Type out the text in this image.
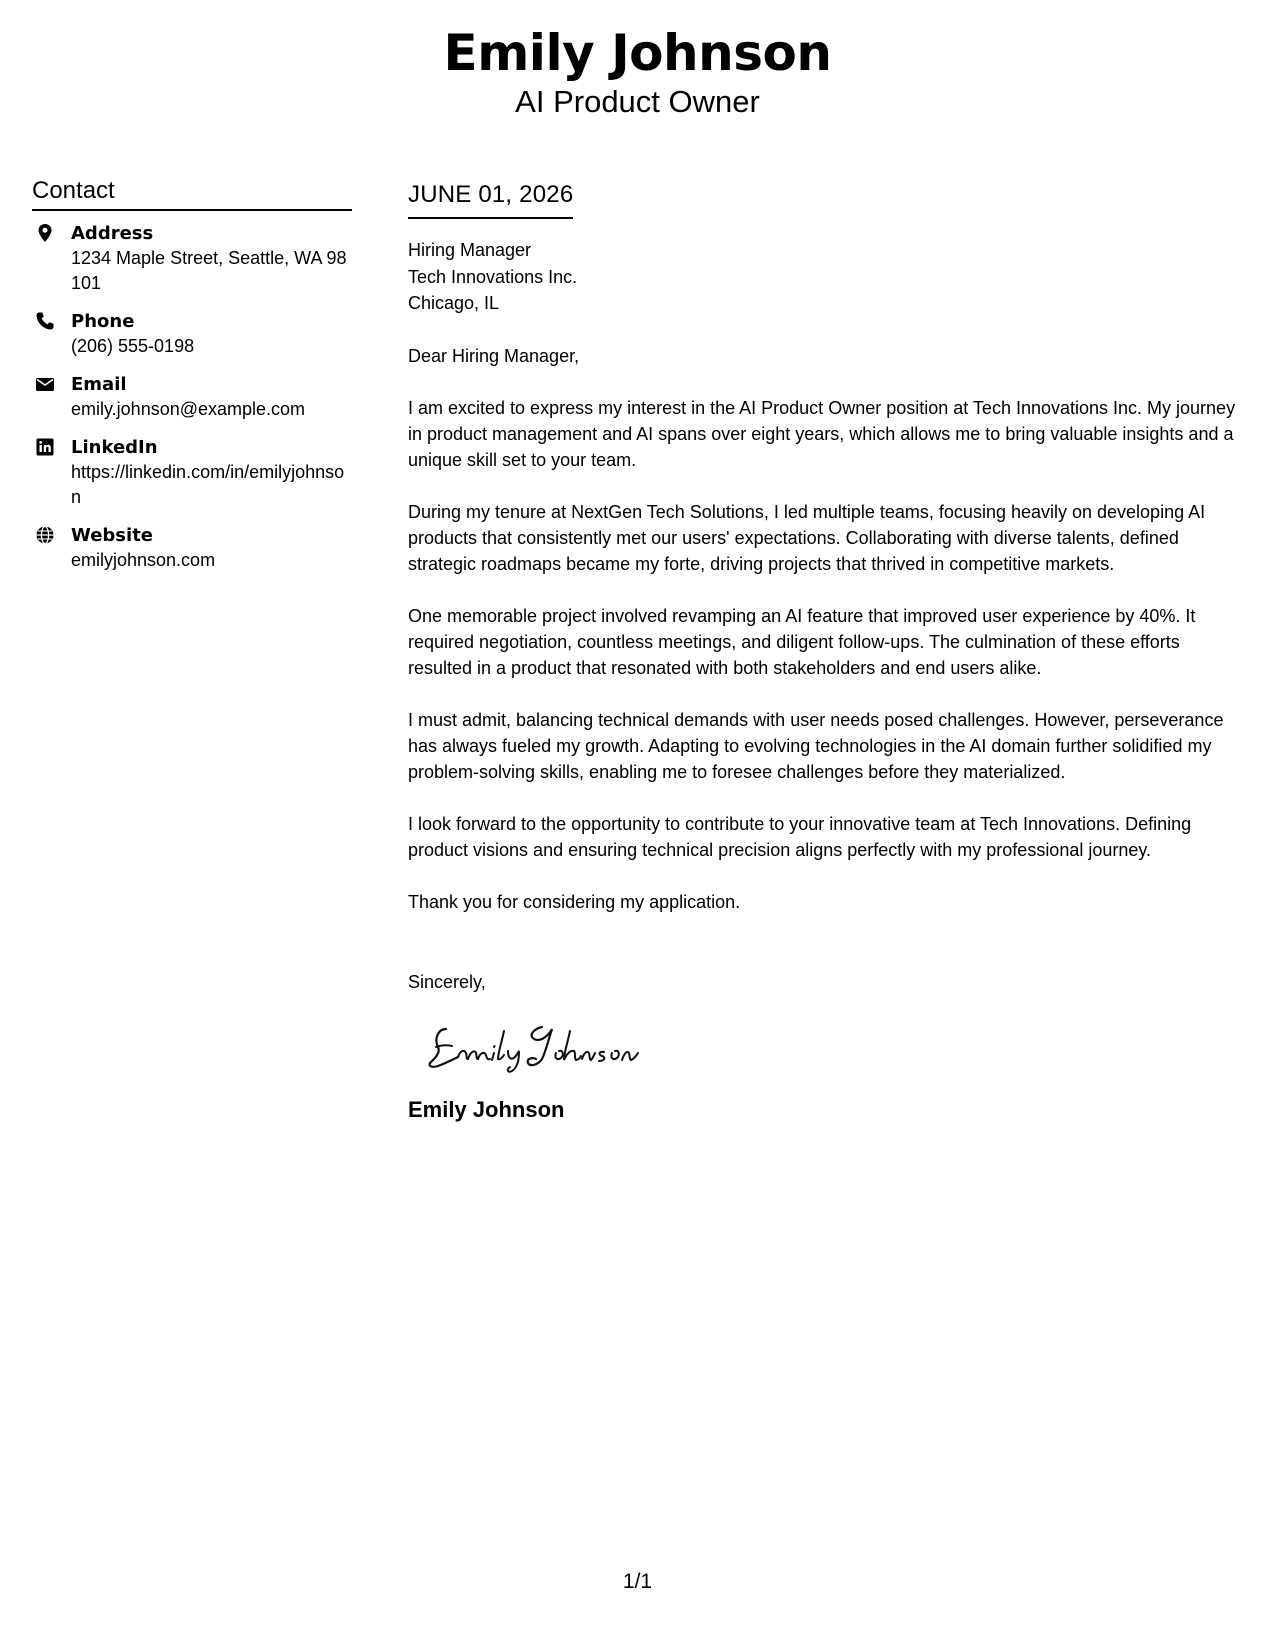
Emily Johnson
AI Product Owner
Contact
Address
1234 Maple Street, Seattle, WA 98101
Phone
(206) 555-0198
Email
emily.johnson@example.com
LinkedIn
https://linkedin.com/in/emilyjohnson
Website
emilyjohnson.com
JUNE 01, 2026
Hiring Manager
Tech Innovations Inc.
Chicago, IL
Dear Hiring Manager,
I am excited to express my interest in the AI Product Owner position at Tech Innovations Inc. My journey in product management and AI spans over eight years, which allows me to bring valuable insights and a unique skill set to your team.
During my tenure at NextGen Tech Solutions, I led multiple teams, focusing heavily on developing AI products that consistently met our users' expectations. Collaborating with diverse talents, defined strategic roadmaps became my forte, driving projects that thrived in competitive markets.
One memorable project involved revamping an AI feature that improved user experience by 40%. It required negotiation, countless meetings, and diligent follow-ups. The culmination of these efforts resulted in a product that resonated with both stakeholders and end users alike.
I must admit, balancing technical demands with user needs posed challenges. However, perseverance has always fueled my growth. Adapting to evolving technologies in the AI domain further solidified my problem-solving skills, enabling me to foresee challenges before they materialized.
I look forward to the opportunity to contribute to your innovative team at Tech Innovations. Defining product visions and ensuring technical precision aligns perfectly with my professional journey.
Thank you for considering my application.
Sincerely,
Emily Johnson
1/1
